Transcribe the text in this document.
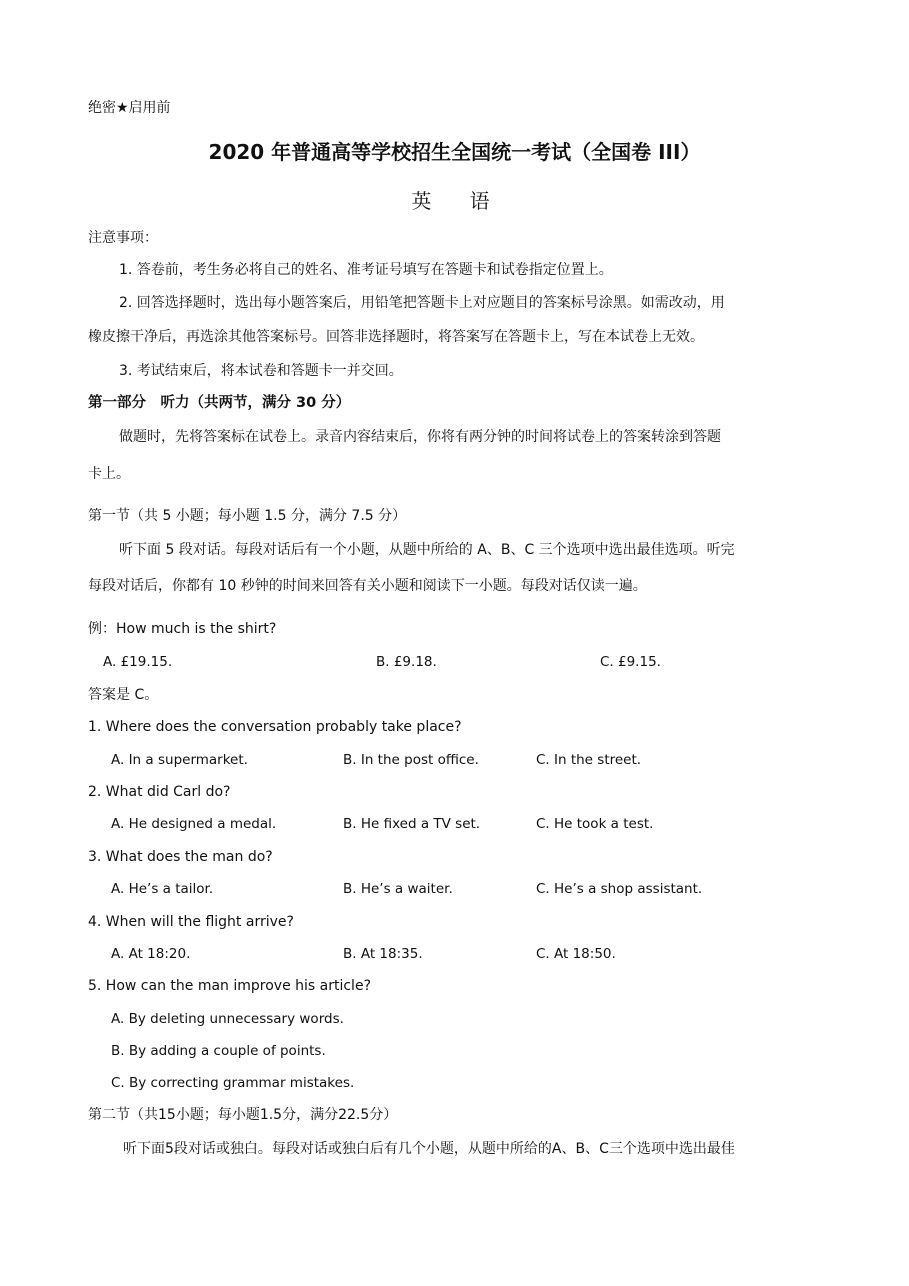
绝密★启用前
2020 年普通高等学校招生全国统一考试（全国卷 III）
英 语
注意事项：
1. 答卷前，考生务必将自己的姓名、准考证号填写在答题卡和试卷指定位置上。
2. 回答选择题时，选出每小题答案后，用铅笔把答题卡上对应题目的答案标号涂黑。如需改动，用
橡皮擦干净后，再选涂其他答案标号。回答非选择题时，将答案写在答题卡上，写在本试卷上无效。
3. 考试结束后，将本试卷和答题卡一并交回。
第一部分　听力（共两节，满分 30 分）
做题时，先将答案标在试卷上。录音内容结束后，你将有两分钟的时间将试卷上的答案转涂到答题
卡上。
第一节（共 5 小题；每小题 1.5 分，满分 7.5 分）
听下面 5 段对话。每段对话后有一个小题，从题中所给的 A、B、C 三个选项中选出最佳选项。听完
每段对话后，你都有 10 秒钟的时间来回答有关小题和阅读下一小题。每段对话仅读一遍。
例：How much is the shirt?
A. £19.15.	B. £9.18.	C. £9.15.
答案是 C。
1. Where does the conversation probably take place?
A. In a supermarket.	B. In the post office.	C. In the street.
2. What did Carl do?
A. He designed a medal.	B. He fixed a TV set.	C. He took a test.
3. What does the man do?
A. He’s a tailor.	B. He’s a waiter.	C. He’s a shop assistant.
4. When will the flight arrive?
A. At 18:20.	B. At 18:35.	C. At 18:50.
5. How can the man improve his article?
A. By deleting unnecessary words.
B. By adding a couple of points.
C. By correcting grammar mistakes.
第二节（共15小题；每小题1.5分，满分22.5分）
听下面5段对话或独白。每段对话或独白后有几个小题，从题中所给的A、B、C三个选项中选出最佳
